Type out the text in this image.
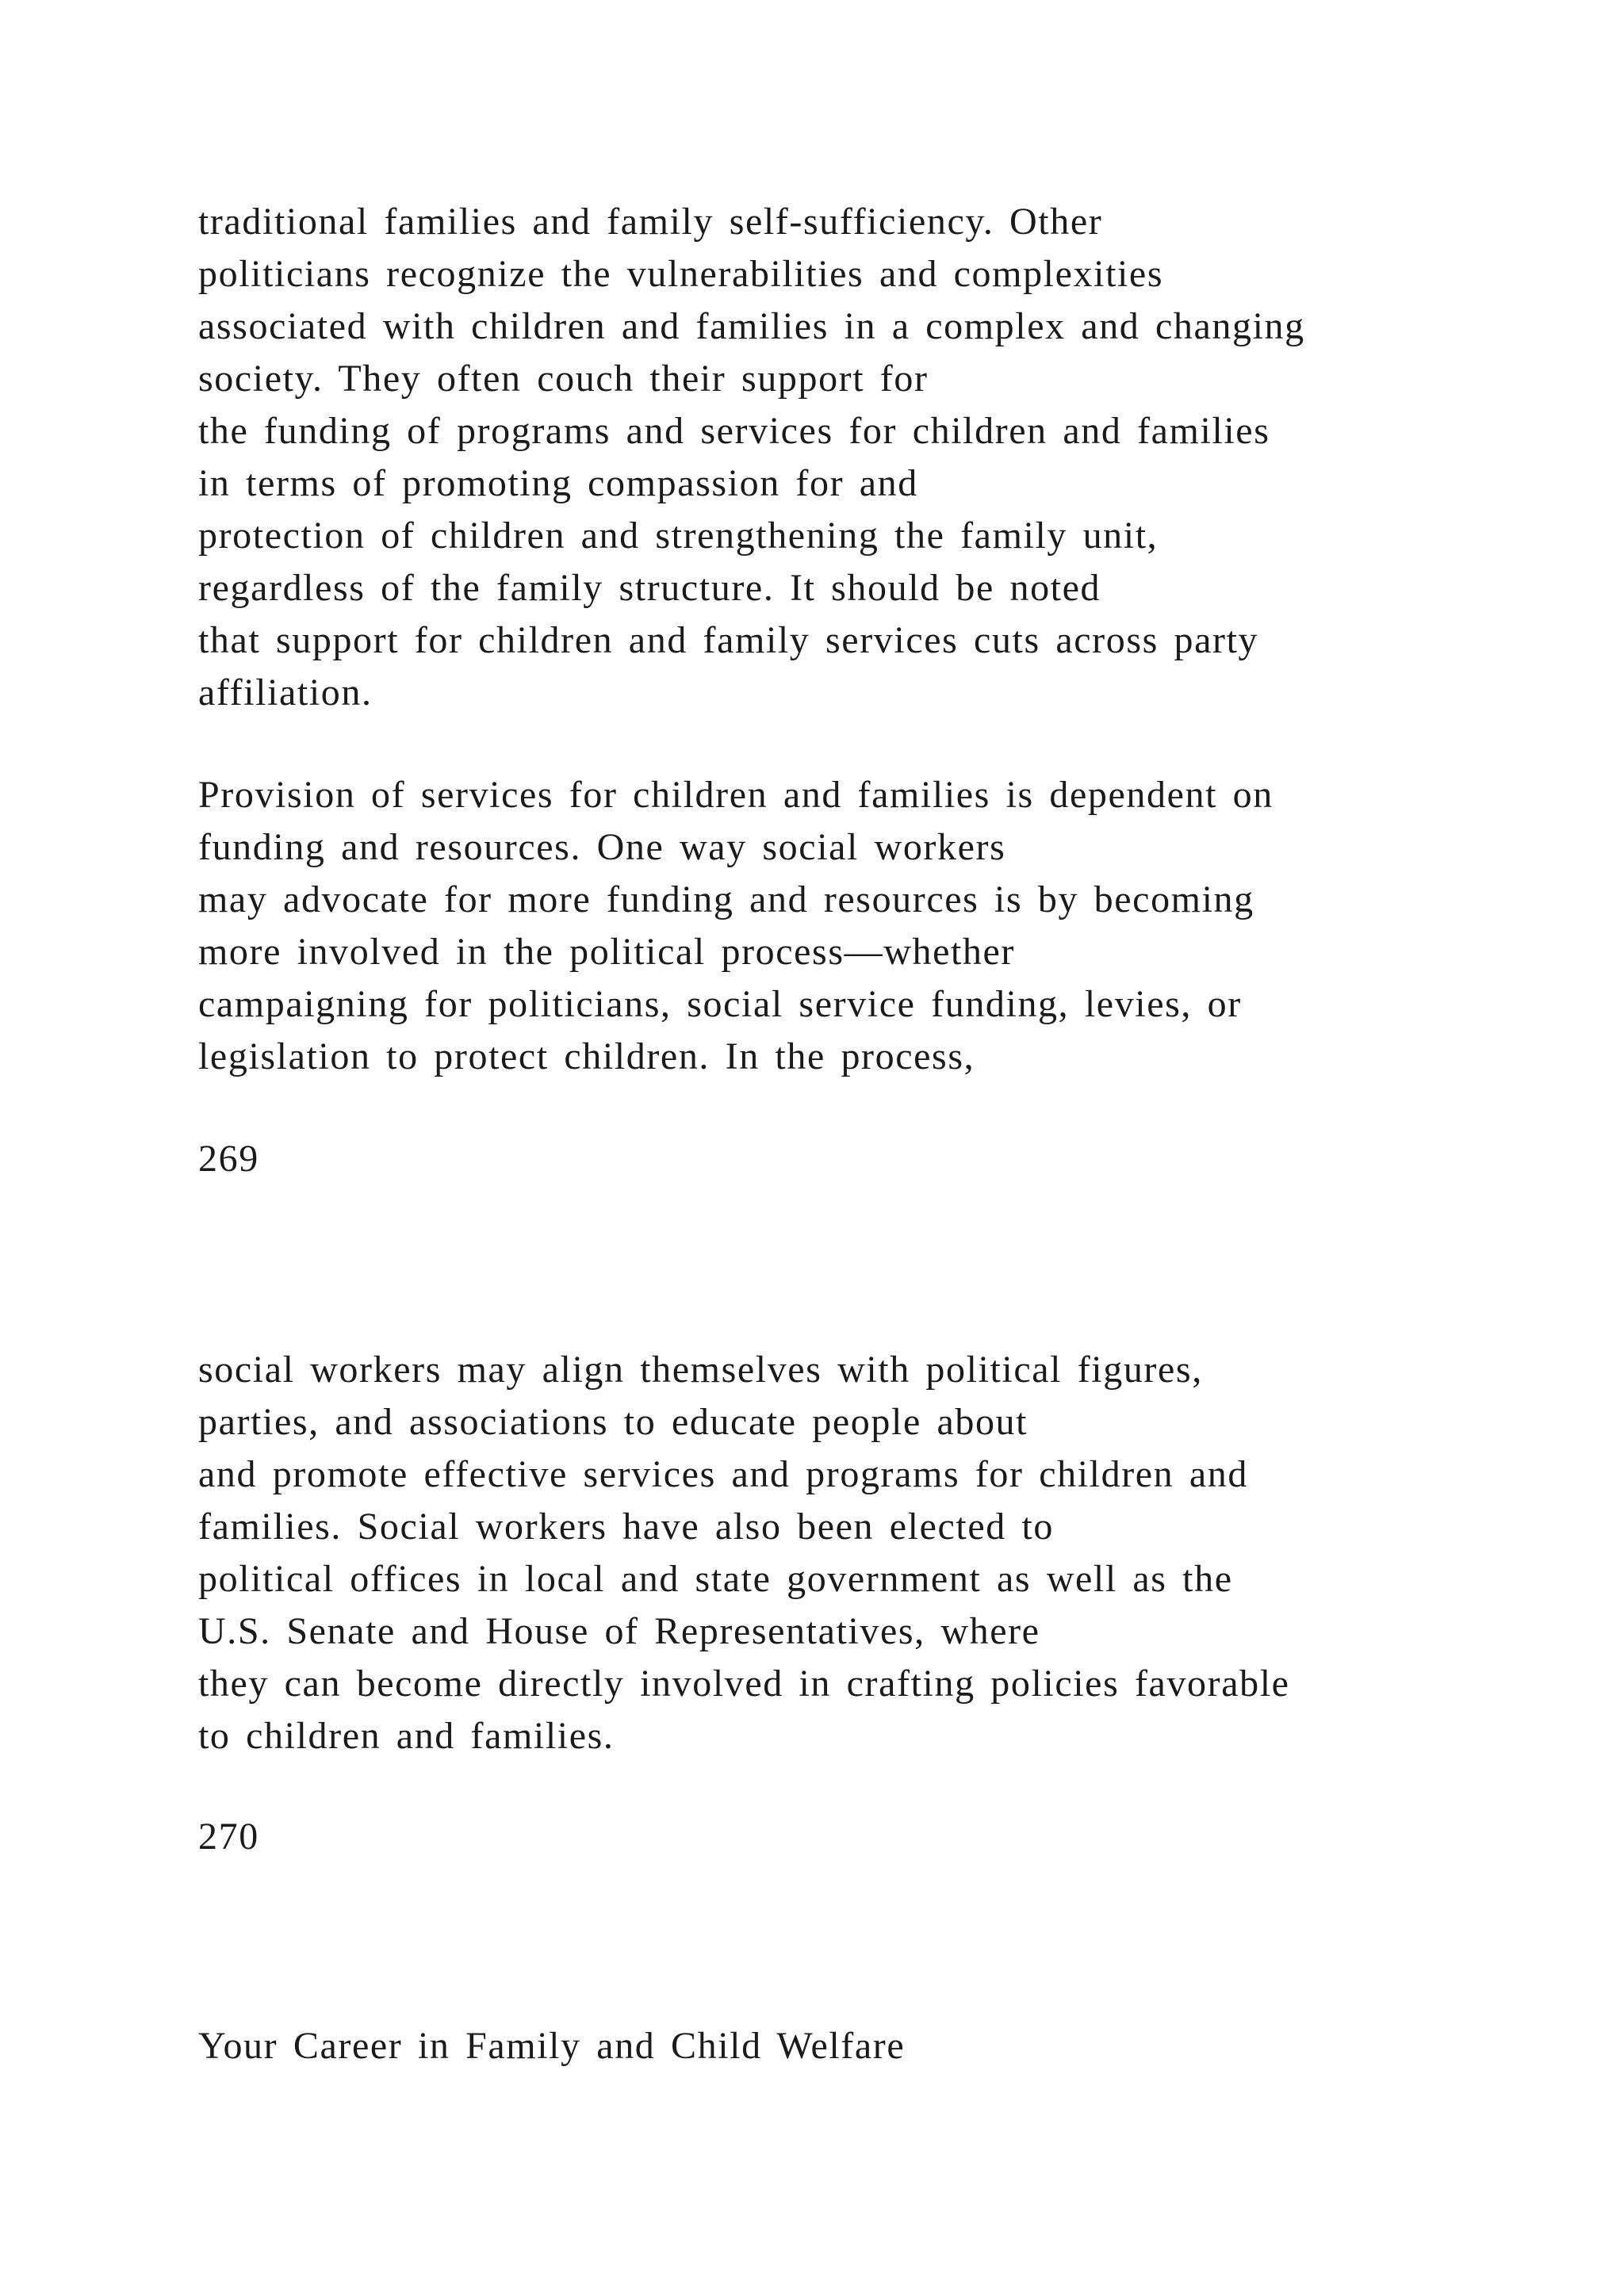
traditional families and family self-sufficiency. Other
politicians recognize the vulnerabilities and complexities
associated with children and families in a complex and changing
society. They often couch their support for
the funding of programs and services for children and families
in terms of promoting compassion for and
protection of children and strengthening the family unit,
regardless of the family structure. It should be noted
that support for children and family services cuts across party
affiliation.
Provision of services for children and families is dependent on
funding and resources. One way social workers
may advocate for more funding and resources is by becoming
more involved in the political process—whether
campaigning for politicians, social service funding, levies, or
legislation to protect children. In the process,
269
social workers may align themselves with political figures,
parties, and associations to educate people about
and promote effective services and programs for children and
families. Social workers have also been elected to
political offices in local and state government as well as the
U.S. Senate and House of Representatives, where
they can become directly involved in crafting policies favorable
to children and families.
270
Your Career in Family and Child Welfare
